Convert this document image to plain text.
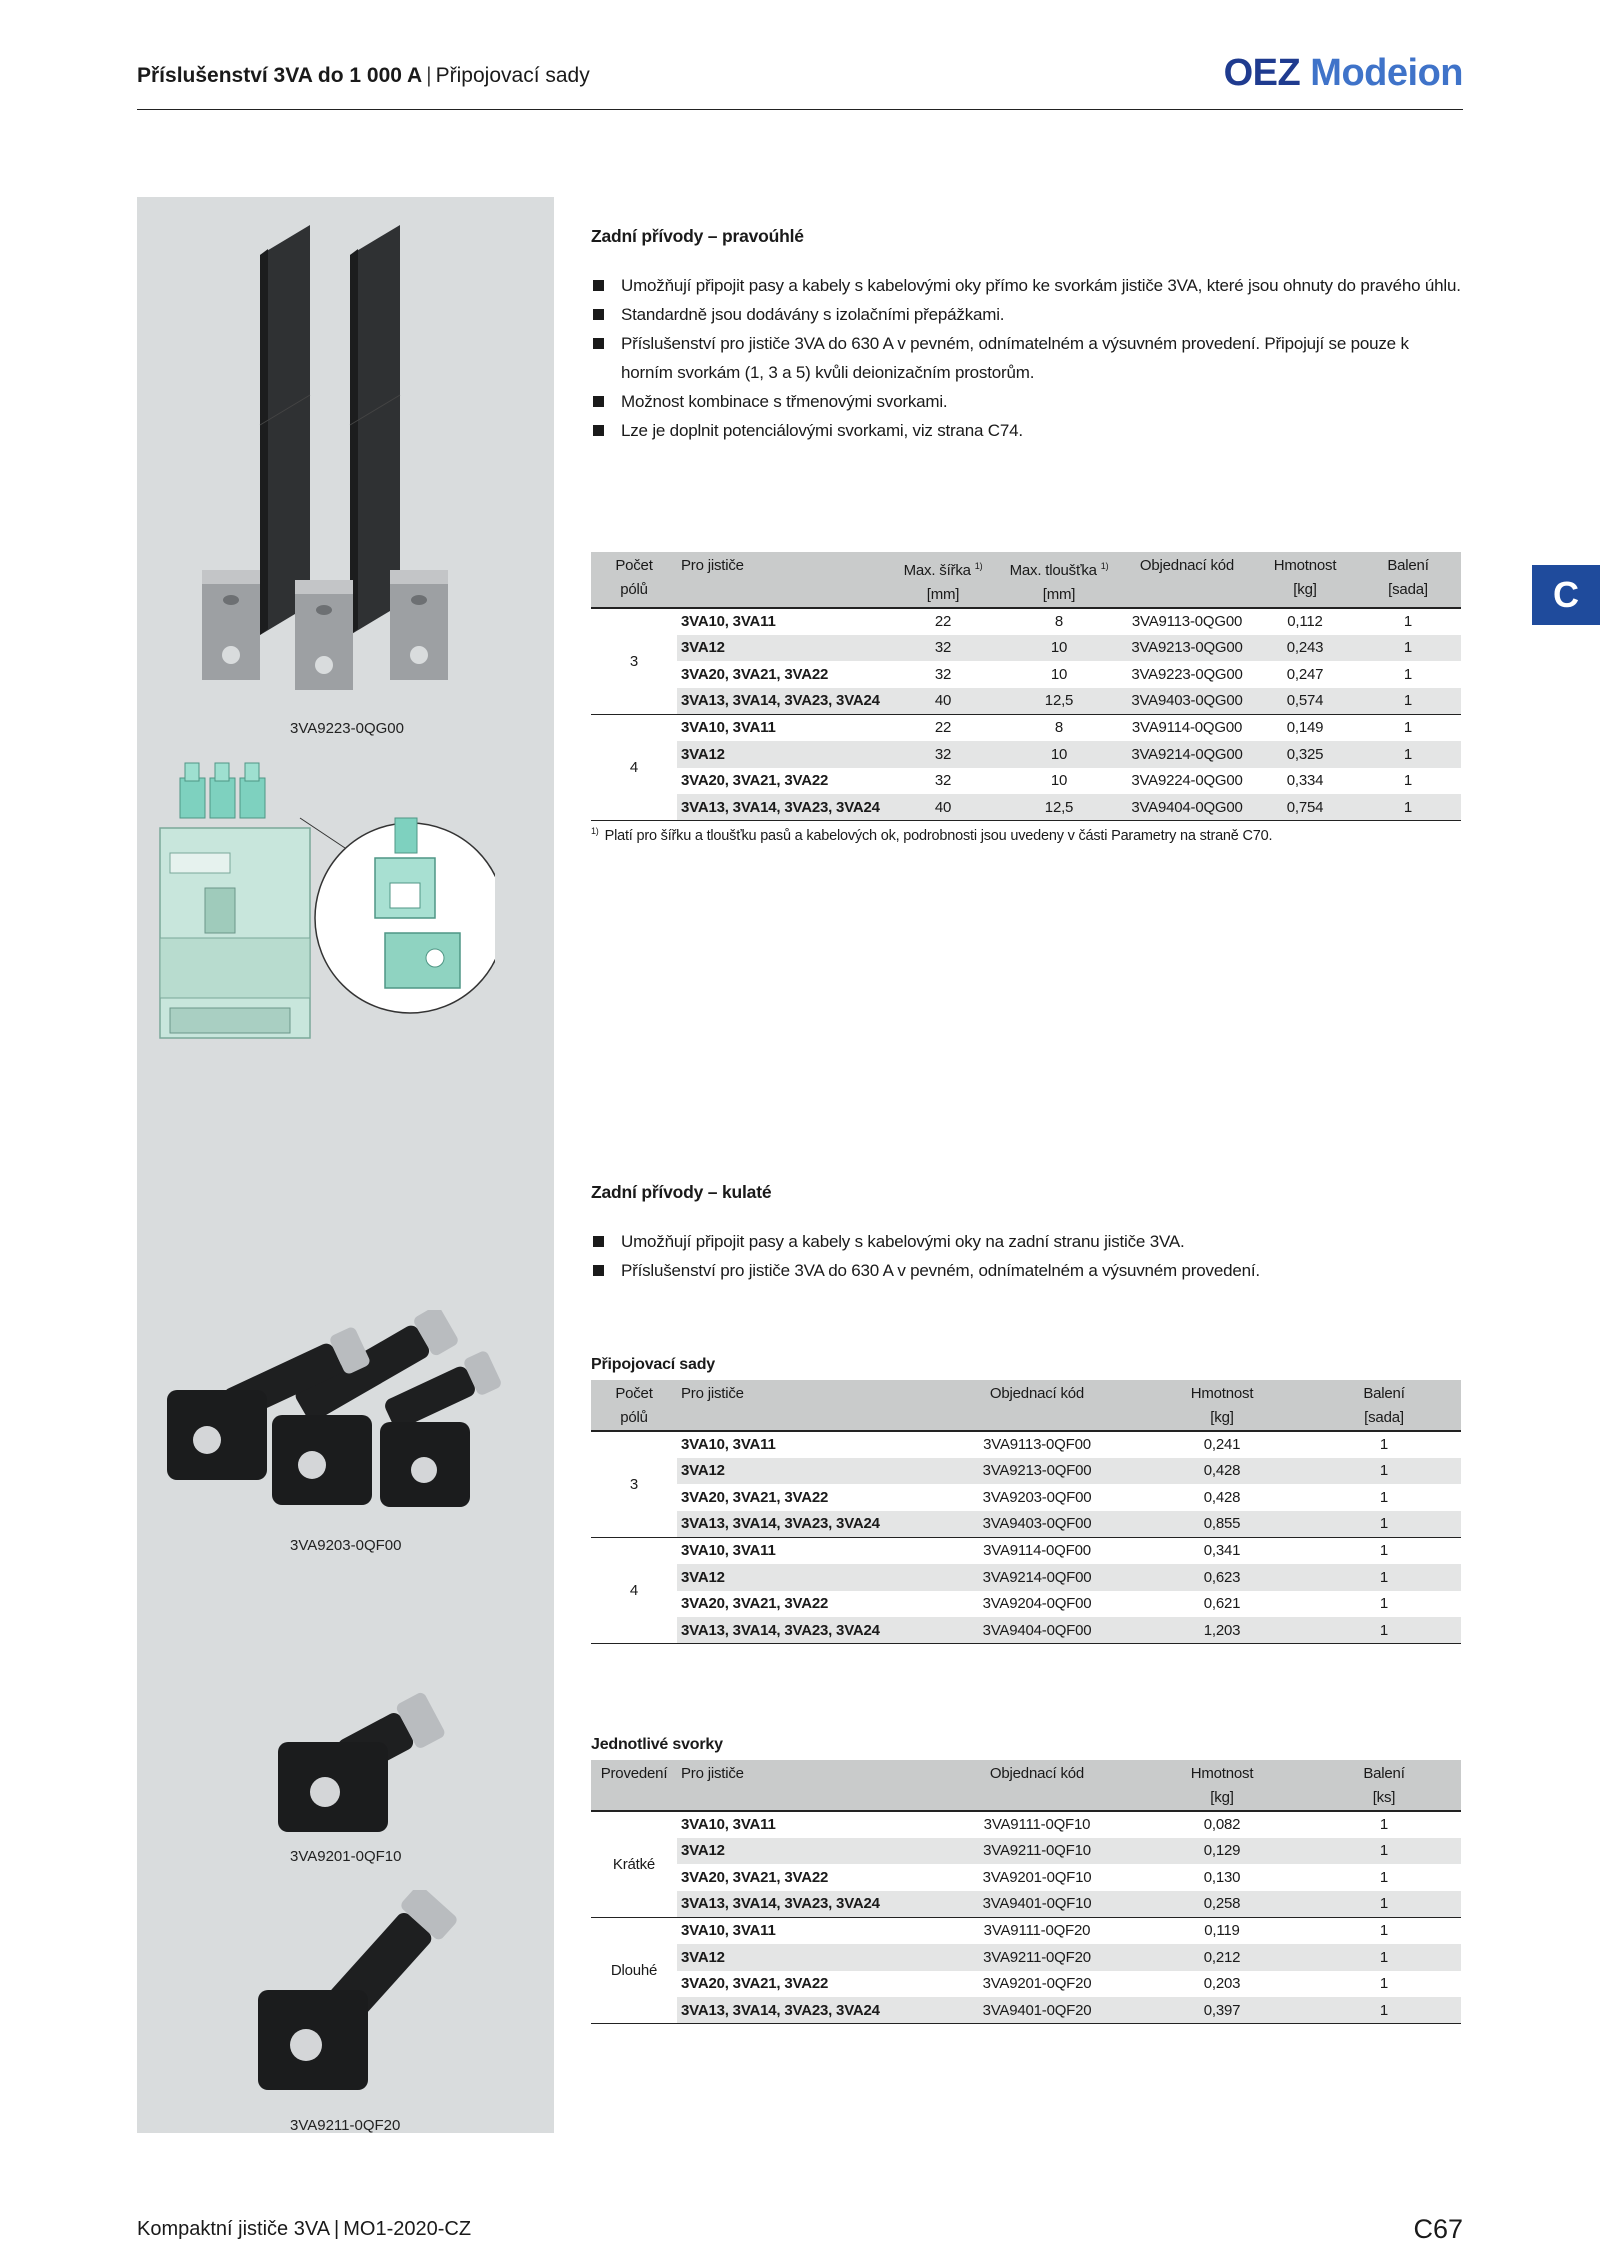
Příslušenství 3VA do 1 000 A | Připojovací sady	OEZ Modeion
C
3VA9223-0QG00
3VA9203-0QF00
3VA9201-0QF10
3VA9211-0QF20
Zadní přívody – pravoúhlé
Umožňují připojit pasy a kabely s kabelovými oky přímo ke svorkám jističe 3VA, které jsou ohnuty do pravého úhlu.
Standardně jsou dodávány s izolačními přepážkami.
Příslušenství pro jističe 3VA do 630 A v pevném, odnímatelném a výsuvném provedení. Připojují se pouze k horním svorkám (1, 3 a 5) kvůli deionizačním prostorům.
Možnost kombinace s třmenovými svorkami.
Lze je doplnit potenciálovými svorkami, viz strana C74.
Počet
pólů	Pro jističe	Max. šířka $^{1)}$
[mm]	Max. tloušťka $^{1)}$
[mm]	Objednací kód	Hmotnost
[kg]	Balení
[sada]
3	3VA10, 3VA11	22	8	3VA9113-0QG00	0,112	1
	3VA12	32	10	3VA9213-0QG00	0,243	1
	3VA20, 3VA21, 3VA22	32	10	3VA9223-0QG00	0,247	1
	3VA13, 3VA14, 3VA23, 3VA24	40	12,5	3VA9403-0QG00	0,574	1
4	3VA10, 3VA11	22	8	3VA9114-0QG00	0,149	1
	3VA12	32	10	3VA9214-0QG00	0,325	1
	3VA20, 3VA21, 3VA22	32	10	3VA9224-0QG00	0,334	1
	3VA13, 3VA14, 3VA23, 3VA24	40	12,5	3VA9404-0QG00	0,754	1
$^{1)}$ Platí pro šířku a tloušťku pasů a kabelových ok, podrobnosti jsou uvedeny v části Parametry na straně C70.
Zadní přívody – kulaté
Umožňují připojit pasy a kabely s kabelovými oky na zadní stranu jističe 3VA.
Příslušenství pro jističe 3VA do 630 A v pevném, odnímatelném a výsuvném provedení.
Připojovací sady
Počet
pólů	Pro jističe	Objednací kód	Hmotnost
[kg]	Balení
[sada]
3	3VA10, 3VA11	3VA9113-0QF00	0,241	1
	3VA12	3VA9213-0QF00	0,428	1
	3VA20, 3VA21, 3VA22	3VA9203-0QF00	0,428	1
	3VA13, 3VA14, 3VA23, 3VA24	3VA9403-0QF00	0,855	1
4	3VA10, 3VA11	3VA9114-0QF00	0,341	1
	3VA12	3VA9214-0QF00	0,623	1
	3VA20, 3VA21, 3VA22	3VA9204-0QF00	0,621	1
	3VA13, 3VA14, 3VA23, 3VA24	3VA9404-0QF00	1,203	1
Jednotlivé svorky
Provedení	Pro jističe	Objednací kód	Hmotnost
[kg]	Balení
[ks]
Krátké	3VA10, 3VA11	3VA9111-0QF10	0,082	1
	3VA12	3VA9211-0QF10	0,129	1
	3VA20, 3VA21, 3VA22	3VA9201-0QF10	0,130	1
	3VA13, 3VA14, 3VA23, 3VA24	3VA9401-0QF10	0,258	1
Dlouhé	3VA10, 3VA11	3VA9111-0QF20	0,119	1
	3VA12	3VA9211-0QF20	0,212	1
	3VA20, 3VA21, 3VA22	3VA9201-0QF20	0,203	1
	3VA13, 3VA14, 3VA23, 3VA24	3VA9401-0QF20	0,397	1
Kompaktní jističe 3VA | MO1-2020-CZ	C67
